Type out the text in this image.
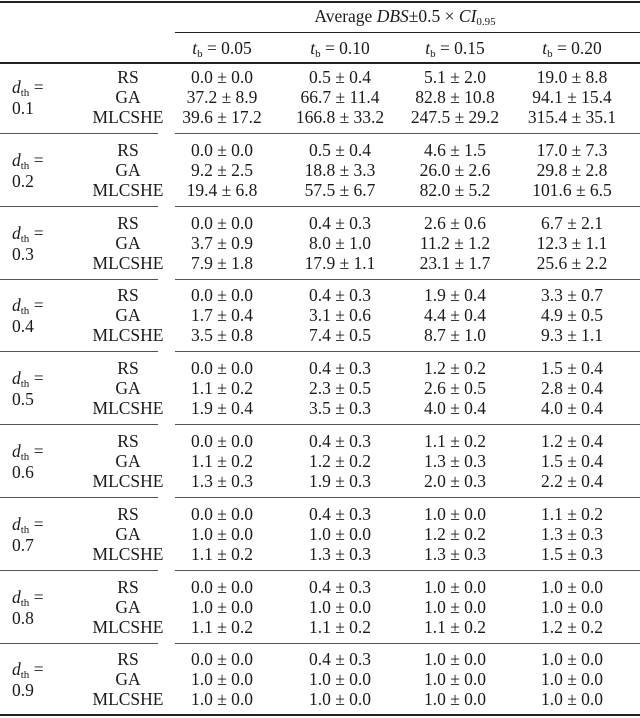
Average $DBS\pm 0.5 \times CI_{0.95}$
$t_b = 0.05$	$t_b = 0.10$	$t_b = 0.15$	$t_b = 0.20$
$d_{th}$ =
0.1
RS	0.0 ± 0.0	0.5 ± 0.4	5.1 ± 2.0	19.0 ± 8.8
GA	37.2 ± 8.9 66.7 ± 11.4 82.8 ± 10.8 94.1 ± 15.4
MLCSHE 39.6 ± 17.2 166.8 ± 33.2 247.5 ± 29.2 315.4 ± 35.1
$d_{th}$ =
0.2
RS	0.0 ± 0.0	0.5 ± 0.4	4.6 ± 1.5	17.0 ± 7.3
GA	9.2 ± 2.5	18.8 ± 3.3	26.0 ± 2.6	29.8 ± 2.8
MLCSHE 19.4 ± 6.8	57.5 ± 6.7	82.0 ± 5.2 101.6 ± 6.5
$d_{th}$ =
0.3
RS	0.0 ± 0.0	0.4 ± 0.3	2.6 ± 0.6	6.7 ± 2.1
GA	3.7 ± 0.9	8.0 ± 1.0	11.2 ± 1.2	12.3 ± 1.1
MLCSHE 7.9 ± 1.8	17.9 ± 1.1	23.1 ± 1.7	25.6 ± 2.2
$d_{th}$ =
0.4
RS	0.0 ± 0.0	0.4 ± 0.3	1.9 ± 0.4	3.3 ± 0.7
GA	1.7 ± 0.4	3.1 ± 0.6	4.4 ± 0.4	4.9 ± 0.5
MLCSHE 3.5 ± 0.8	7.4 ± 0.5	8.7 ± 1.0	9.3 ± 1.1
$d_{th}$ =
0.5
RS	0.0 ± 0.0	0.4 ± 0.3	1.2 ± 0.2	1.5 ± 0.4
GA	1.1 ± 0.2	2.3 ± 0.5	2.6 ± 0.5	2.8 ± 0.4
MLCSHE 1.9 ± 0.4	3.5 ± 0.3	4.0 ± 0.4	4.0 ± 0.4
$d_{th}$ =
0.6
RS	0.0 ± 0.0	0.4 ± 0.3	1.1 ± 0.2	1.2 ± 0.4
GA	1.1 ± 0.2	1.2 ± 0.2	1.3 ± 0.3	1.5 ± 0.4
MLCSHE 1.3 ± 0.3	1.9 ± 0.3	2.0 ± 0.3	2.2 ± 0.4
$d_{th}$ =
0.7
RS	0.0 ± 0.0	0.4 ± 0.3	1.0 ± 0.0	1.1 ± 0.2
GA	1.0 ± 0.0	1.0 ± 0.0	1.2 ± 0.2	1.3 ± 0.3
MLCSHE 1.1 ± 0.2	1.3 ± 0.3	1.3 ± 0.3	1.5 ± 0.3
$d_{th}$ =
0.8
RS	0.0 ± 0.0	0.4 ± 0.3	1.0 ± 0.0	1.0 ± 0.0
GA	1.0 ± 0.0	1.0 ± 0.0	1.0 ± 0.0	1.0 ± 0.0
MLCSHE 1.1 ± 0.2	1.1 ± 0.2	1.1 ± 0.2	1.2 ± 0.2
$d_{th}$ =
0.9
RS	0.0 ± 0.0	0.4 ± 0.3	1.0 ± 0.0	1.0 ± 0.0
GA	1.0 ± 0.0	1.0 ± 0.0	1.0 ± 0.0	1.0 ± 0.0
MLCSHE 1.0 ± 0.0	1.0 ± 0.0	1.0 ± 0.0	1.0 ± 0.0
